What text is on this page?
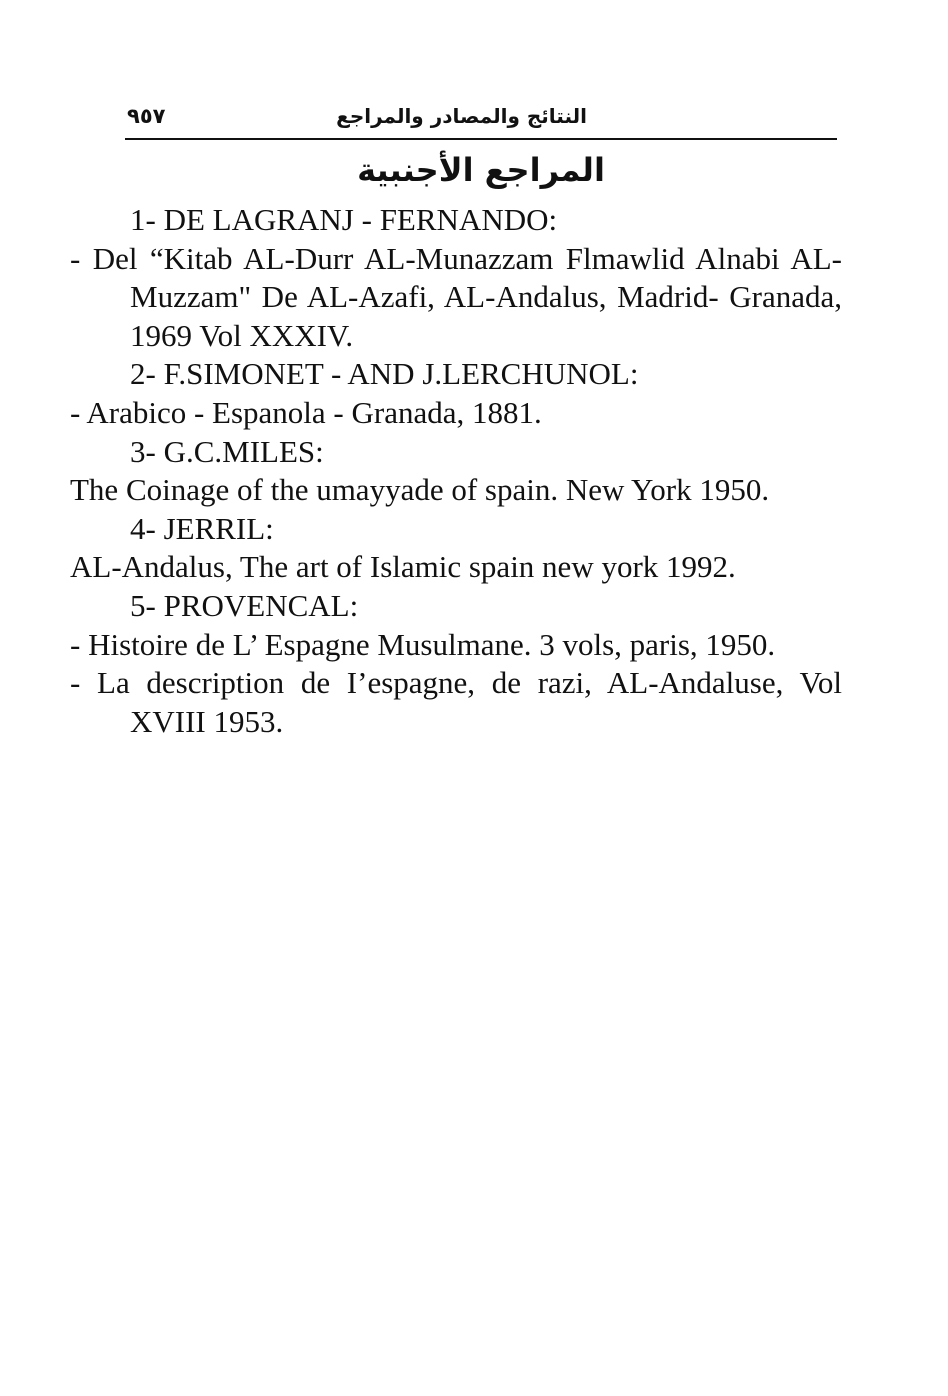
٩٥٧	النتائج والمصادر والمراجع
المراجع الأجنبية

1- DE LAGRANJ - FERNANDO:

- Del “Kitab AL-Durr AL-Munazzam Flmawlid Alnabi AL-Muzzam" De AL-Azafi, AL-Andalus, Madrid- Granada, 1969 Vol XXXIV.

2- F.SIMONET - AND J.LERCHUNOL:

- Arabico - Espanola - Granada, 1881.

3- G.C.MILES:

The Coinage of the umayyade of spain. New York 1950.

4- JERRIL:

AL-Andalus, The art of Islamic spain new york 1992.

5- PROVENCAL:

- Histoire de L’ Espagne Musulmane. 3 vols, paris, 1950.

- La description de I’espagne, de razi, AL-Andaluse, Vol XVIII 1953.
